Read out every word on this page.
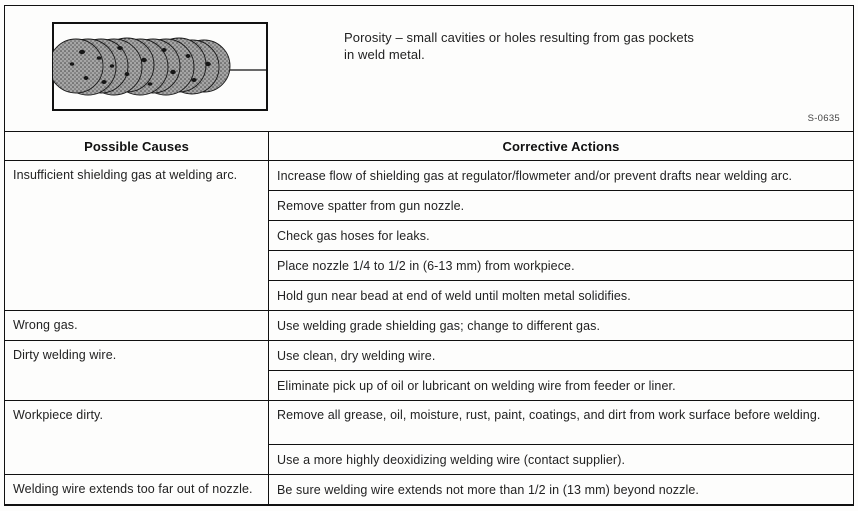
Porosity – small cavities or holes resulting from gas pockets
in weld metal.
S-0635
Possible Causes	Corrective Actions
Insufficient shielding gas at welding arc.	Increase flow of shielding gas at regulator/flowmeter and/or prevent drafts near welding arc.
	Remove spatter from gun nozzle.
	Check gas hoses for leaks.
	Place nozzle 1/4 to 1/2 in (6-13 mm) from workpiece.
	Hold gun near bead at end of weld until molten metal solidifies.
Wrong gas.	Use welding grade shielding gas; change to different gas.
Dirty welding wire.	Use clean, dry welding wire.
	Eliminate pick up of oil or lubricant on welding wire from feeder or liner.
Workpiece dirty.	Remove all grease, oil, moisture, rust, paint, coatings, and dirt from work surface before welding.
	Use a more highly deoxidizing welding wire (contact supplier).
Welding wire extends too far out of nozzle.	Be sure welding wire extends not more than 1/2 in (13 mm) beyond nozzle.
